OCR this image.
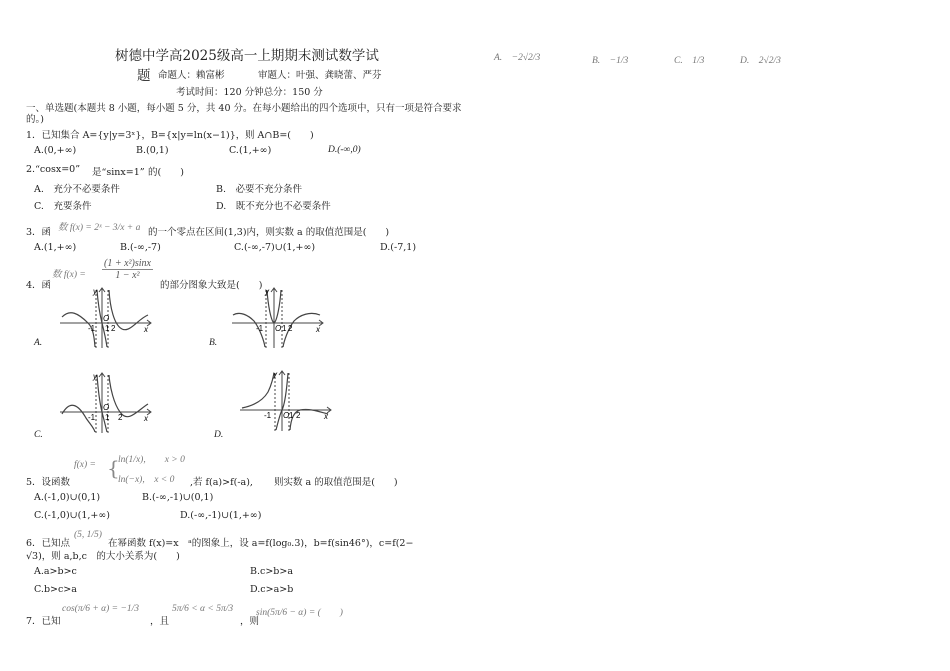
树德中学高2025级高一上期期末测试数学试
题 命题人：赖富彬	审题人：叶强、龚晓蕾、严芬
考试时间：120 分钟总分：150 分
一、单选题(本题共 8 小题，每小题 5 分，共 40 分。在每小题给出的四个选项中，只有一项是符合要求
的。)
1．已知集合 A={y|y=3ˣ}，B={x|y=ln(x−1)}， 则 A∩B=(　　)
A.(0,+∞)	B.(0,1)	C.(1,+∞)	D.(-∞,0)
2.“cosx=0” 是“sinx=1” 的(　　)
A.　充分不必要条件	B.　必要不充分条件
C.　充要条件	D.　既不充分也不必要条件
3．函 数 f(x) = 2ˣ − 3/x + a 的一个零点在区间(1,3)内，则实数 a 的取值范围是(　　)
A.(1,+∞)	B.(-∞,-7)	C.(-∞,-7)∪(1,+∞)	D.(-7,1)
4．函
数 $f(x) = \frac{\text{(1 + x²)sinx}}{\text{1 − x²}}$
的部分图象大致是(　　)
O
-1 1 2	x
y
A.
O
-1 1 2	x
y
B.
O
-1 1 2	x
y
C.
O
-1 1 2	x
y
D.
5．设函数
f(x) = {
ln(1/x),　　x > 0
ln(−x),　x < 0 ,若 f(a)>f(-a), 则实数 a 的取值范围是(　　)
A.(-1,0)∪(0,1)	B.(-∞,-1)∪(0,1)
C.(-1,0)∪(1,+∞)	D.(-∞,-1)∪(1,+∞)
6．已知点
(5, 1/5)
在幂函数 f(x)=x　ᵃ的图象上，设 a=f(log₀.3)，b=f(sin46°)，c=f(2−
√3)，则 a,b,c　的大小关系为(　　)
A.a>b>c	B.c>b>a
C.b>c>a	D.c>a>b
7．已知
cos(π/6 + α) = −1/3
，且
5π/6 < α < 5π/3
，则
sin(5π/6 − α) = (　　)
A.　−2√2/3	B.　−1/3	C.　1/3	D.　2√2/3
